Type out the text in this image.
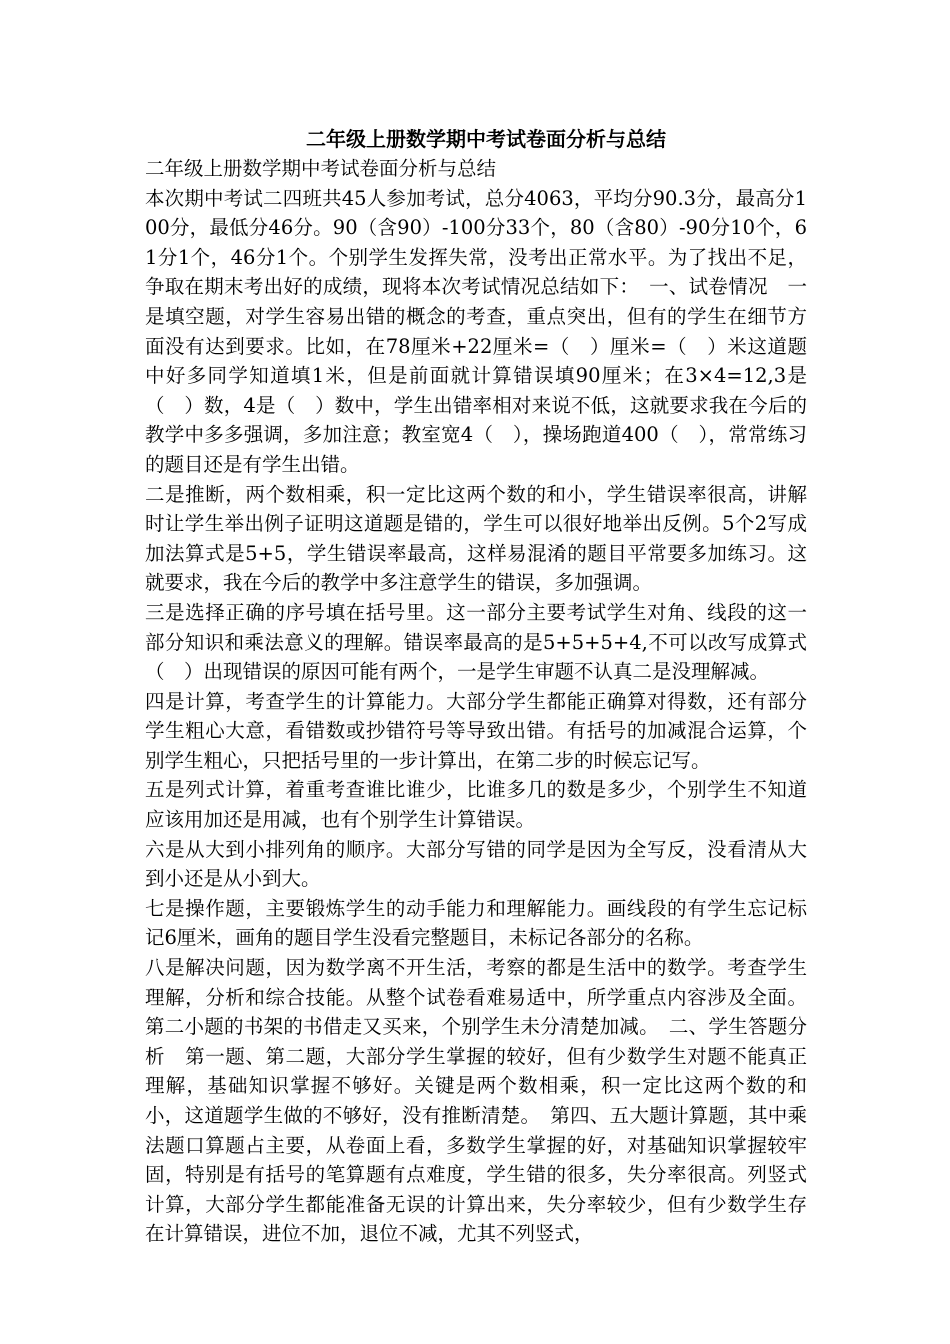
二年级上册数学期中考试卷面分析与总结

二年级上册数学期中考试卷面分析与总结

本次期中考试二四班共45人参加考试，总分4063，平均分90.3分，最高分100分，最低分46分。90（含90）-100分33个，80（含80）-90分10个，61分1个，46分1个。个别学生发挥失常，没考出正常水平。为了找出不足，争取在期末考出好的成绩，现将本次考试情况总结如下：　一、试卷情况　一是填空题，对学生容易出错的概念的考查，重点突出，但有的学生在细节方面没有达到要求。比如，在78厘米+22厘米=（　）厘米=（　）米这道题中好多同学知道填1米，但是前面就计算错误填90厘米；在3×4=12,3是（　）数，4是（　）数中，学生出错率相对来说不低，这就要求我在今后的教学中多多强调，多加注意；教室宽4（　），操场跑道400（　），常常练习的题目还是有学生出错。

二是推断，两个数相乘，积一定比这两个数的和小，学生错误率很高，讲解时让学生举出例子证明这道题是错的，学生可以很好地举出反例。5个2写成加法算式是5+5，学生错误率最高，这样易混淆的题目平常要多加练习。这就要求，我在今后的教学中多注意学生的错误，多加强调。

三是选择正确的序号填在括号里。这一部分主要考试学生对角、线段的这一部分知识和乘法意义的理解。错误率最高的是5+5+5+4,不可以改写成算式（　）出现错误的原因可能有两个，一是学生审题不认真二是没理解减。

四是计算，考查学生的计算能力。大部分学生都能正确算对得数，还有部分学生粗心大意，看错数或抄错符号等导致出错。有括号的加减混合运算，个别学生粗心，只把括号里的一步计算出，在第二步的时候忘记写。

五是列式计算，着重考查谁比谁少，比谁多几的数是多少，个别学生不知道应该用加还是用减，也有个别学生计算错误。

六是从大到小排列角的顺序。大部分写错的同学是因为全写反，没看清从大到小还是从小到大。

七是操作题，主要锻炼学生的动手能力和理解能力。画线段的有学生忘记标记6厘米，画角的题目学生没看完整题目，未标记各部分的名称。

八是解决问题，因为数学离不开生活，考察的都是生活中的数学。考查学生理解，分析和综合技能。从整个试卷看难易适中，所学重点内容涉及全面。第二小题的书架的书借走又买来，个别学生未分清楚加减。　二、学生答题分析　第一题、第二题，大部分学生掌握的较好，但有少数学生对题不能真正理解，基础知识掌握不够好。关键是两个数相乘，积一定比这两个数的和小，这道题学生做的不够好，没有推断清楚。　第四、五大题计算题，其中乘法题口算题占主要，从卷面上看，多数学生掌握的好，对基础知识掌握较牢固，特别是有括号的笔算题有点难度，学生错的很多，失分率很高。列竖式计算，大部分学生都能准备无误的计算出来，失分率较少，但有少数学生存在计算错误，进位不加，退位不减，尤其不列竖式，
